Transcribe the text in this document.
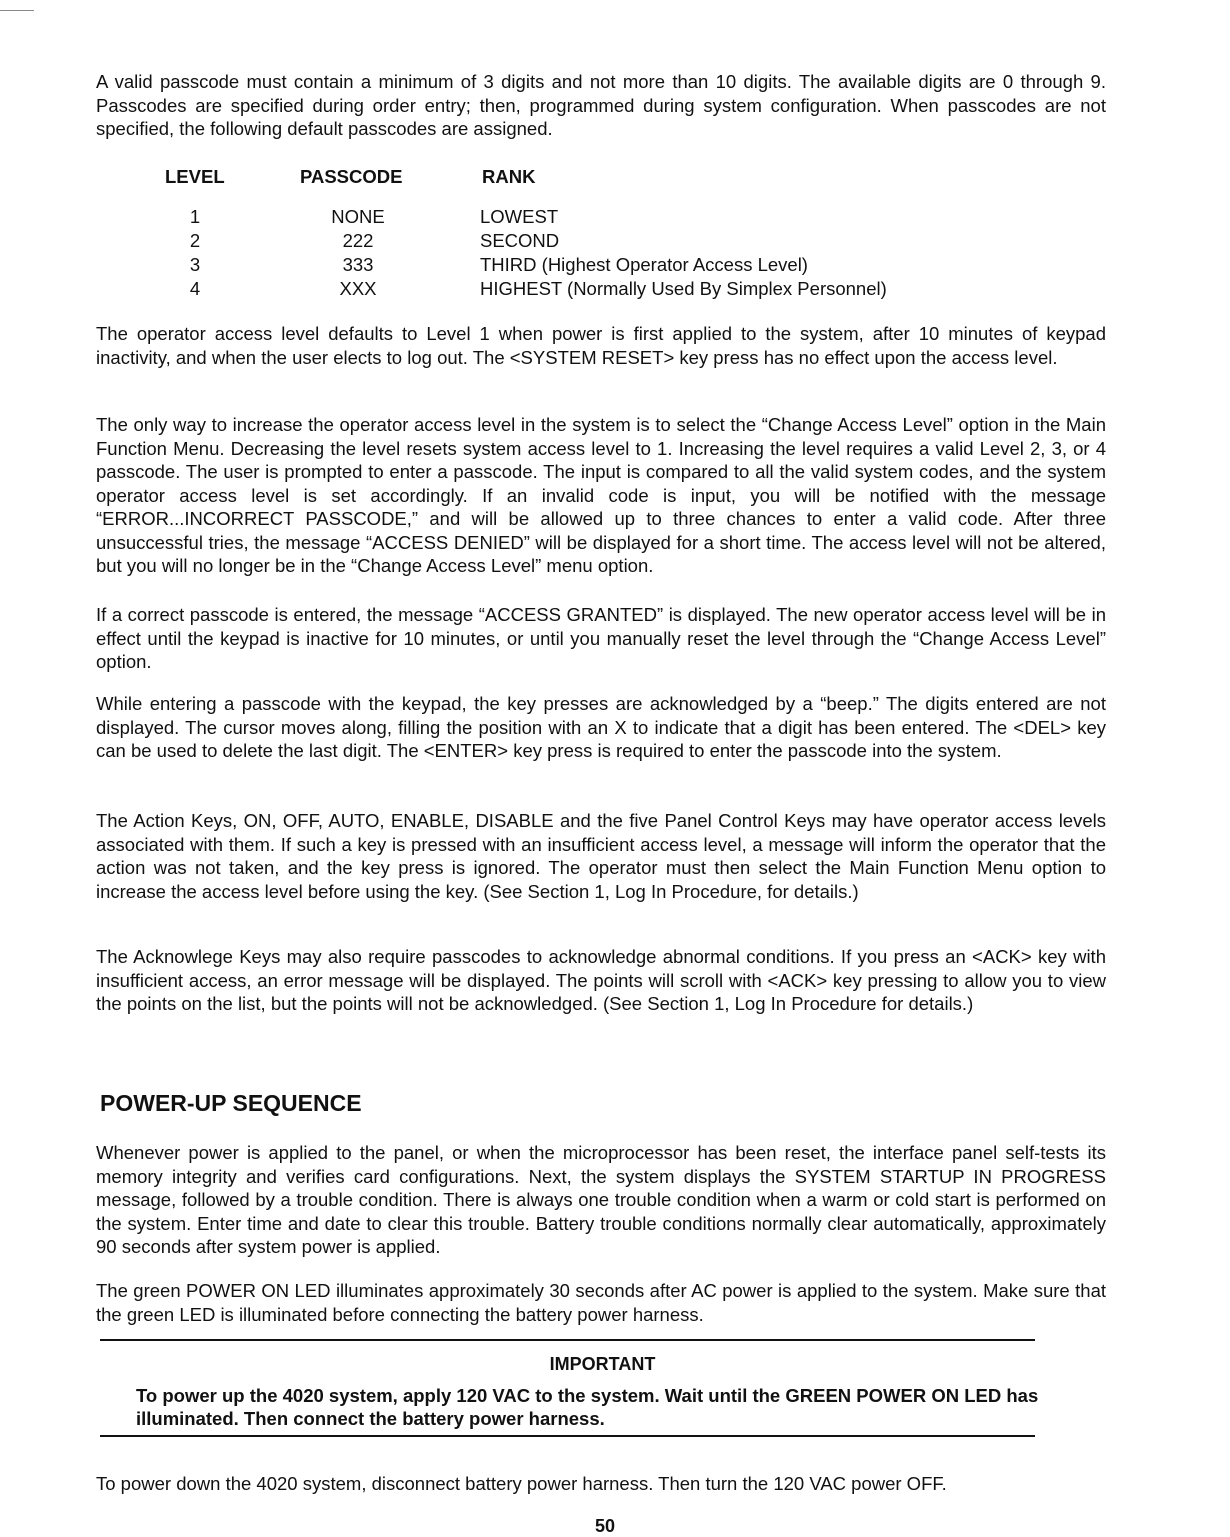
A valid passcode must contain a minimum of 3 digits and not more than 10 digits. The available digits are 0 through 9. Passcodes are specified during order entry; then, programmed during system configuration. When passcodes are not specified, the following default passcodes are assigned.

LEVEL	PASSCODE	RANK
1	NONE	LOWEST
2	222	SECOND
3	333	THIRD (Highest Operator Access Level)
4	XXX	HIGHEST (Normally Used By Simplex Personnel)

The operator access level defaults to Level 1 when power is first applied to the system, after 10 minutes of keypad inactivity, and when the user elects to log out. The <SYSTEM RESET> key press has no effect upon the access level.

The only way to increase the operator access level in the system is to select the “Change Access Level” option in the Main Function Menu. Decreasing the level resets system access level to 1. Increasing the level requires a valid Level 2, 3, or 4 passcode. The user is prompted to enter a passcode. The input is compared to all the valid system codes, and the system operator access level is set accordingly. If an invalid code is input, you will be notified with the message “ERROR...INCORRECT PASSCODE,” and will be allowed up to three chances to enter a valid code. After three unsuccessful tries, the message “ACCESS DENIED” will be displayed for a short time. The access level will not be altered, but you will no longer be in the “Change Access Level” menu option.

If a correct passcode is entered, the message “ACCESS GRANTED” is displayed. The new operator access level will be in effect until the keypad is inactive for 10 minutes, or until you manually reset the level through the “Change Access Level” option.

While entering a passcode with the keypad, the key presses are acknowledged by a “beep.” The digits entered are not displayed. The cursor moves along, filling the position with an X to indicate that a digit has been entered. The <DEL> key can be used to delete the last digit. The <ENTER> key press is required to enter the passcode into the system.

The Action Keys, ON, OFF, AUTO, ENABLE, DISABLE and the five Panel Control Keys may have operator access levels associated with them. If such a key is pressed with an insufficient access level, a message will inform the operator that the action was not taken, and the key press is ignored. The operator must then select the Main Function Menu option to increase the access level before using the key. (See Section 1, Log In Procedure, for details.)

The Acknowlege Keys may also require passcodes to acknowledge abnormal conditions. If you press an <ACK> key with insufficient access, an error message will be displayed. The points will scroll with <ACK> key pressing to allow you to view the points on the list, but the points will not be acknowledged. (See Section 1, Log In Procedure for details.)

POWER-UP SEQUENCE

Whenever power is applied to the panel, or when the microprocessor has been reset, the interface panel self-tests its memory integrity and verifies card configurations. Next, the system displays the SYSTEM STARTUP IN PROGRESS message, followed by a trouble condition. There is always one trouble condition when a warm or cold start is performed on the system. Enter time and date to clear this trouble. Battery trouble conditions normally clear automatically, approximately 90 seconds after system power is applied.

The green POWER ON LED illuminates approximately 30 seconds after AC power is applied to the system. Make sure that the green LED is illuminated before connecting the battery power harness.

IMPORTANT
To power up the 4020 system, apply 120 VAC to the system. Wait until the GREEN POWER ON LED has illuminated. Then connect the battery power harness.

To power down the 4020 system, disconnect battery power harness. Then turn the 120 VAC power OFF.

50
